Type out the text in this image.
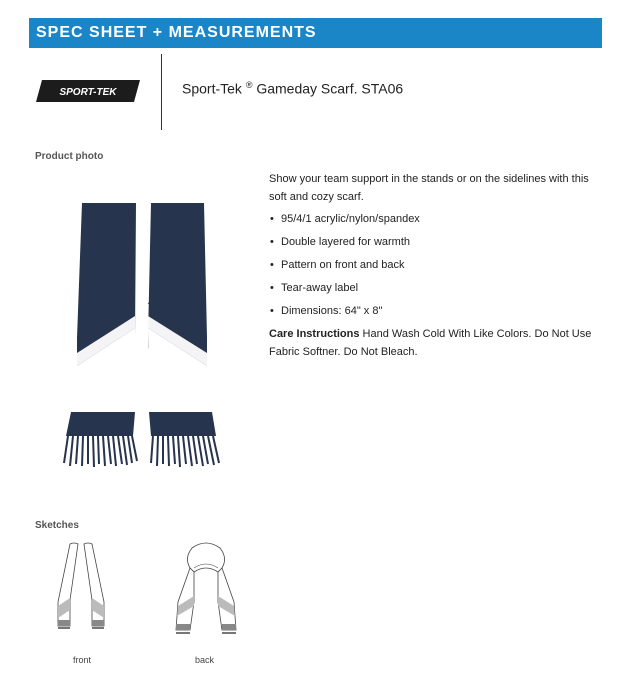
SPEC SHEET + MEASUREMENTS
SPORT-TEK	Sport-Tek ® Gameday Scarf. STA06
Product photo

Show your team support in the stands or on the sidelines with this soft and cozy scarf.

• 95/4/1 acrylic/nylon/spandex
• Double layered for warmth
• Pattern on front and back
• Tear-away label
• Dimensions: 64" x 8"

Care Instructions Hand Wash Cold With Like Colors. Do Not Use Fabric Softner. Do Not Bleach.

Sketches
front	back
